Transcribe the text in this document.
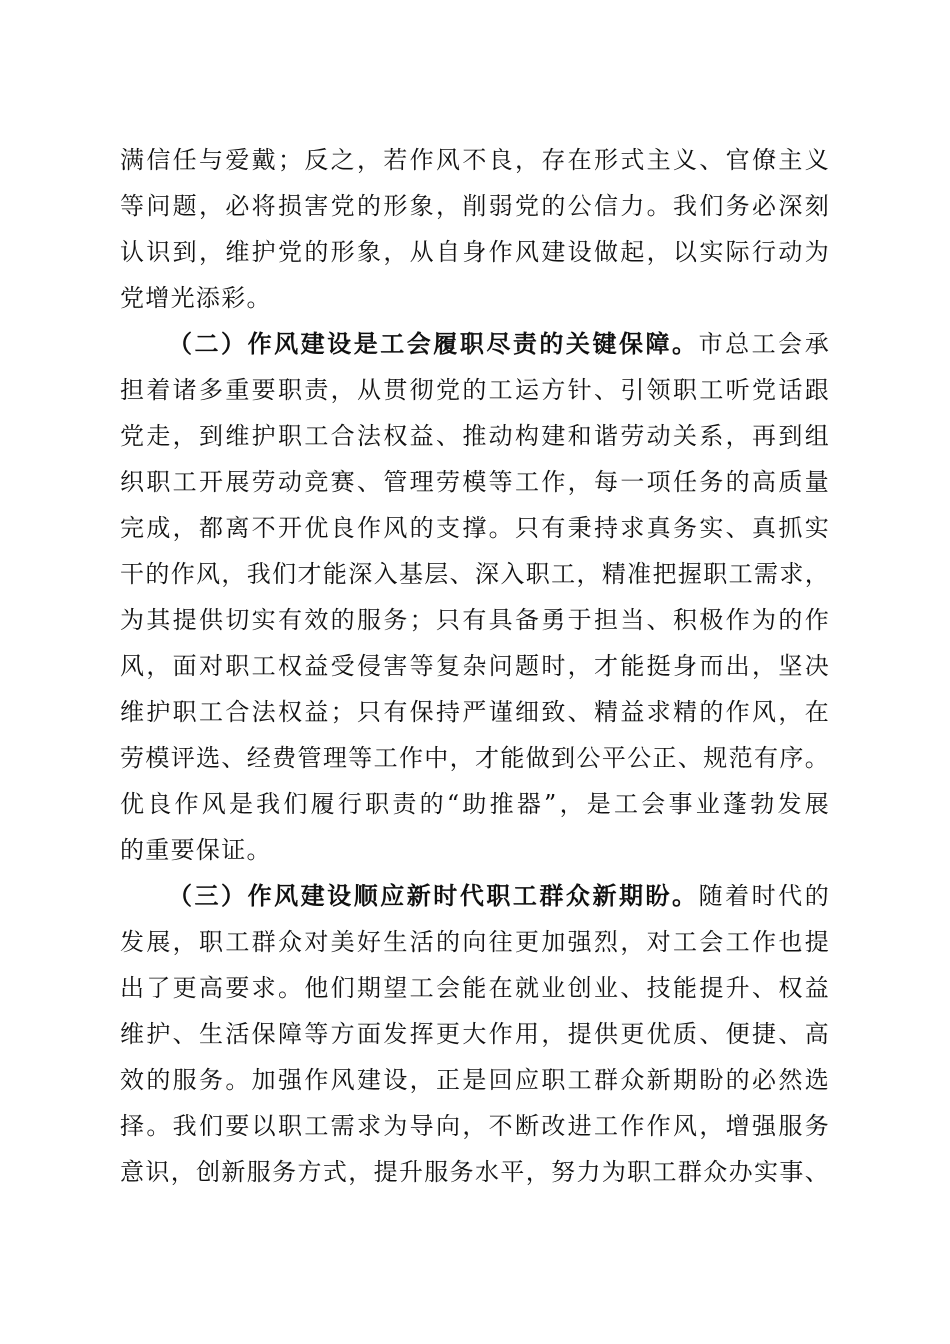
满信任与爱戴；反之，若作风不良，存在形式主义、官僚主义
等问题，必将损害党的形象，削弱党的公信力。我们务必深刻
认识到，维护党的形象，从自身作风建设做起，以实际行动为
党增光添彩。
（二）作风建设是工会履职尽责的关键保障。市总工会承
担着诸多重要职责，从贯彻党的工运方针、引领职工听党话跟
党走，到维护职工合法权益、推动构建和谐劳动关系，再到组
织职工开展劳动竞赛、管理劳模等工作，每一项任务的高质量
完成，都离不开优良作风的支撑。只有秉持求真务实、真抓实
干的作风，我们才能深入基层、深入职工，精准把握职工需求，
为其提供切实有效的服务；只有具备勇于担当、积极作为的作
风，面对职工权益受侵害等复杂问题时，才能挺身而出，坚决
维护职工合法权益；只有保持严谨细致、精益求精的作风，在
劳模评选、经费管理等工作中，才能做到公平公正、规范有序。
优良作风是我们履行职责的“助推器”，是工会事业蓬勃发展
的重要保证。
（三）作风建设顺应新时代职工群众新期盼。随着时代的
发展，职工群众对美好生活的向往更加强烈，对工会工作也提
出了更高要求。他们期望工会能在就业创业、技能提升、权益
维护、生活保障等方面发挥更大作用，提供更优质、便捷、高
效的服务。加强作风建设，正是回应职工群众新期盼的必然选
择。我们要以职工需求为导向，不断改进工作作风，增强服务
意识，创新服务方式，提升服务水平，努力为职工群众办实事、
